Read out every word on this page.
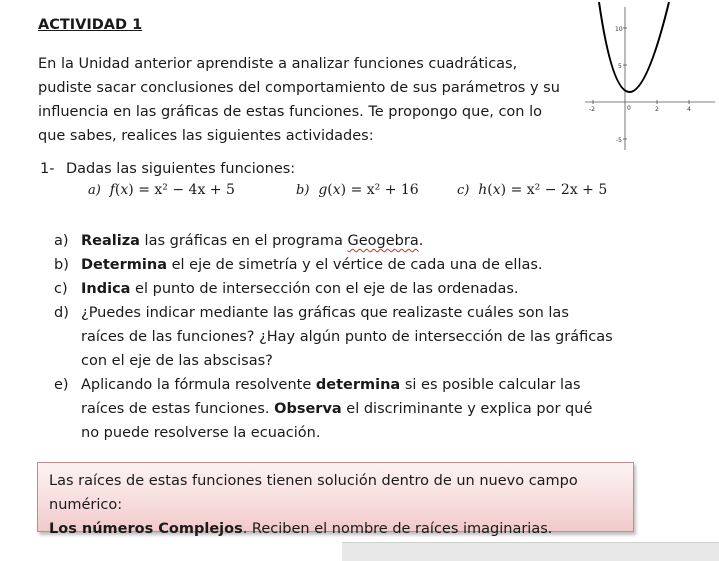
ACTIVIDAD 1
En la Unidad anterior aprendiste a analizar funciones cuadráticas, pudiste sacar conclusiones del comportamiento de sus parámetros y su influencia en las gráficas de estas funciones. Te propongo que, con lo que sabes, realices las siguientes actividades:
1- Dadas las siguientes funciones:
a) f(x) = x² − 4x + 5	b) g(x) = x² + 16	c) h(x) = x² − 2x + 5
a) Realiza las gráficas en el programa Geogebra.
b) Determina el eje de simetría y el vértice de cada una de ellas.
c) Indica el punto de intersección con el eje de las ordenadas.
d) ¿Puedes indicar mediante las gráficas que realizaste cuáles son las raíces de las funciones? ¿Hay algún punto de intersección de las gráficas con el eje de las abscisas?
e) Aplicando la fórmula resolvente determina si es posible calcular las raíces de estas funciones. Observa el discriminante y explica por qué no puede resolverse la ecuación.
Las raíces de estas funciones tienen solución dentro de un nuevo campo numérico:
Los números Complejos. Reciben el nombre de raíces imaginarias.
10
5
-5
-2	0	2	4
